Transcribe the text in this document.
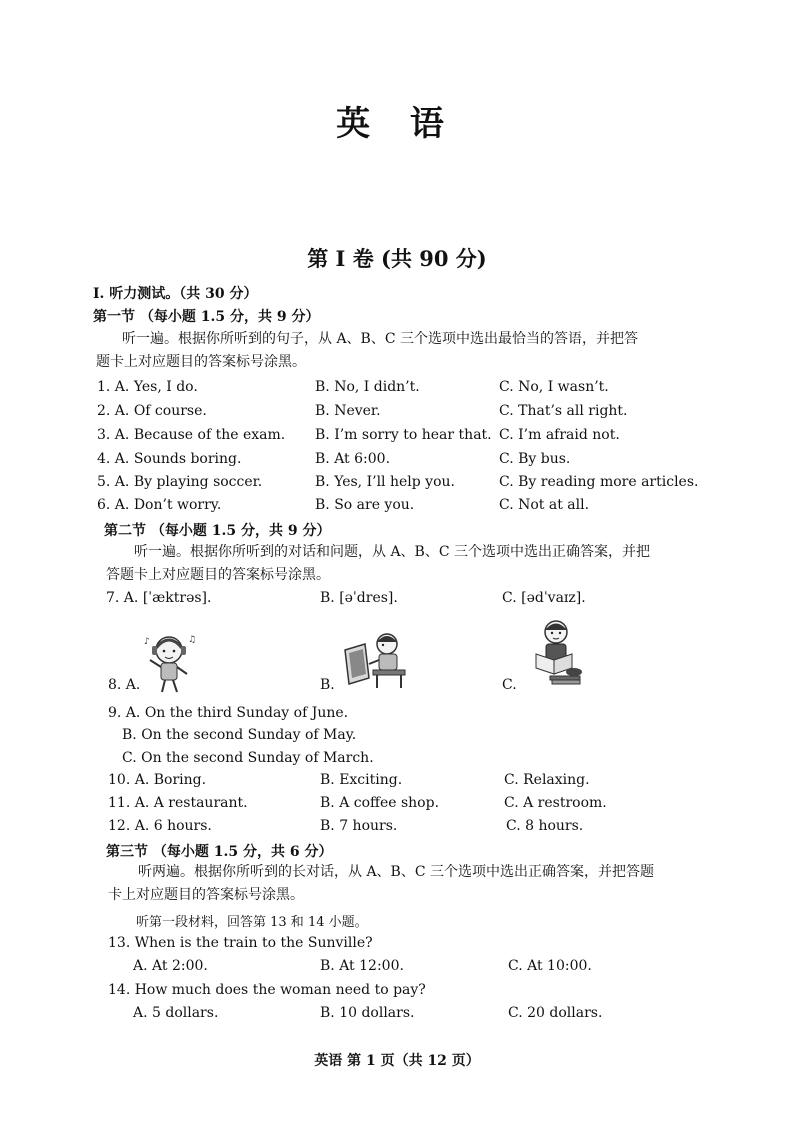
英 语
第 I 卷 (共 90 分)
I. 听力测试。（共 30 分）
第一节 （每小题 1.5 分，共 9 分）
听一遍。根据你所听到的句子，从 A、B、C 三个选项中选出最恰当的答语，并把答
题卡上对应题目的答案标号涂黑。
1. A. Yes, I do.	B. No, I didn’t.	C. No, I wasn’t.
2. A. Of course.	B. Never.	C. That’s all right.
3. A. Because of the exam. B. I’m sorry to hear that. C. I’m afraid not.
4. A. Sounds boring.	B. At 6:00.	C. By bus.
5. A. By playing soccer.	B. Yes, I’ll help you.	C. By reading more articles.
6. A. Don’t worry.	B. So are you.	C. Not at all.
第二节 （每小题 1.5 分，共 9 分）
听一遍。根据你所听到的对话和问题，从 A、B、C 三个选项中选出正确答案，并把
答题卡上对应题目的答案标号涂黑。
7. A. [ˈæktrəs].	B. [əˈdres].	C. [ədˈvaɪz].
♪	♫
8. A.	B.	C.
9. A. On the third Sunday of June.
B. On the second Sunday of May.
C. On the second Sunday of March.
10. A. Boring.	B. Exciting.	C. Relaxing.
11. A. A restaurant.	B. A coffee shop.	C. A restroom.
12. A. 6 hours.	B. 7 hours.	C. 8 hours.
第三节 （每小题 1.5 分，共 6 分）
听两遍。根据你所听到的长对话，从 A、B、C 三个选项中选出正确答案，并把答题
卡上对应题目的答案标号涂黑。
听第一段材料，回答第 13 和 14 小题。
13. When is the train to the Sunville?
A. At 2:00.	B. At 12:00.	C. At 10:00.
14. How much does the woman need to pay?
A. 5 dollars.	B. 10 dollars.	C. 20 dollars.
英语 第 1 页（共 12 页）
